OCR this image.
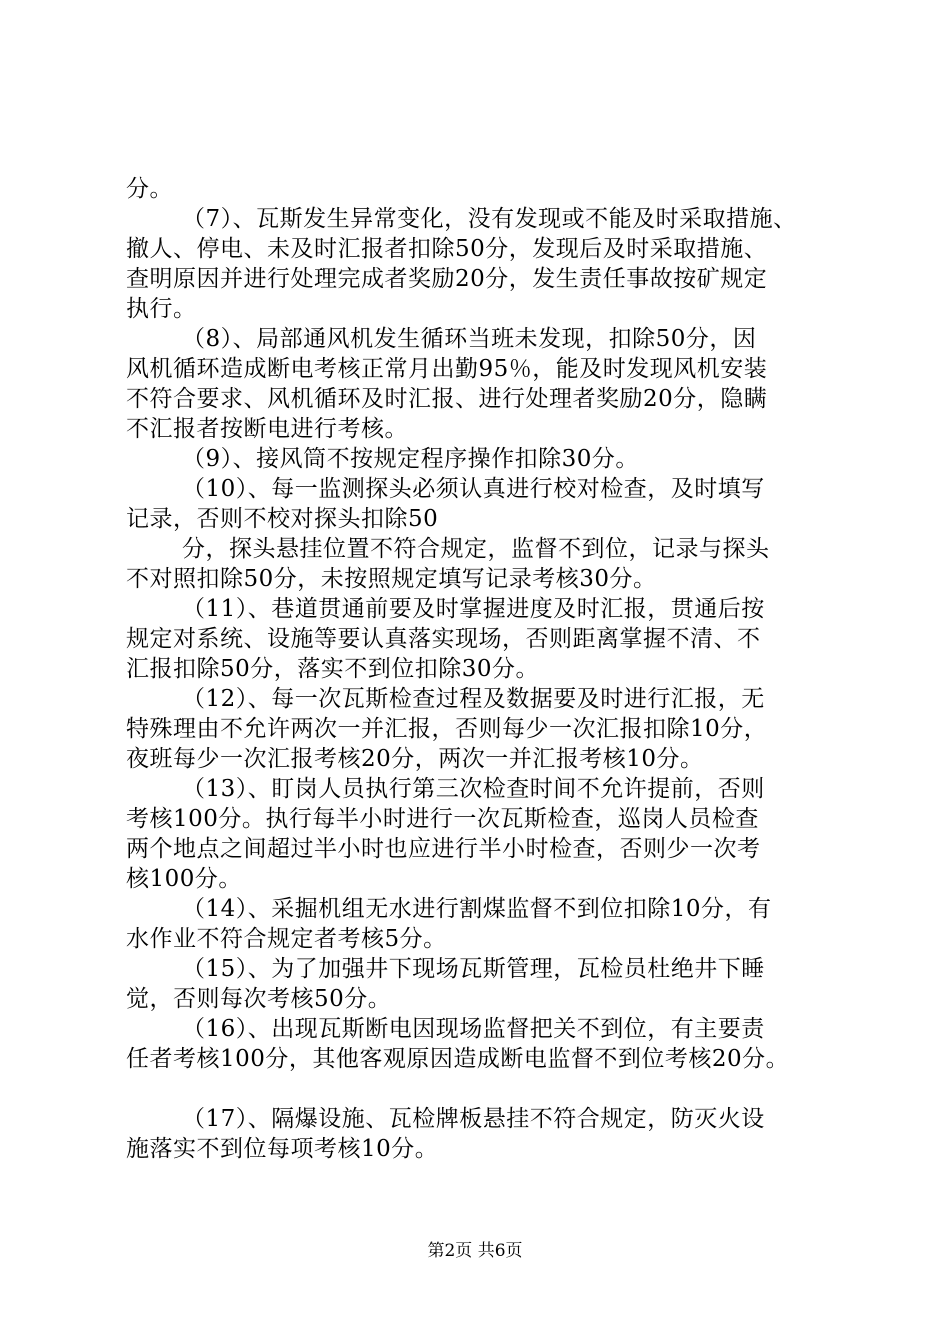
分。
（7）、瓦斯发生异常变化，没有发现或不能及时采取措施、
撤人、停电、未及时汇报者扣除50分，发现后及时采取措施、
查明原因并进行处理完成者奖励20分，发生责任事故按矿规定
执行。
（8）、局部通风机发生循环当班未发现，扣除50分，因
风机循环造成断电考核正常月出勤95％，能及时发现风机安装
不符合要求、风机循环及时汇报、进行处理者奖励20分，隐瞒
不汇报者按断电进行考核。
（9）、接风筒不按规定程序操作扣除30分。
（10）、每一监测探头必须认真进行校对检查，及时填写
记录，否则不校对探头扣除50
分，探头悬挂位置不符合规定，监督不到位，记录与探头
不对照扣除50分，未按照规定填写记录考核30分。
（11）、巷道贯通前要及时掌握进度及时汇报，贯通后按
规定对系统、设施等要认真落实现场，否则距离掌握不清、不
汇报扣除50分，落实不到位扣除30分。
（12）、每一次瓦斯检查过程及数据要及时进行汇报，无
特殊理由不允许两次一并汇报，否则每少一次汇报扣除10分，
夜班每少一次汇报考核20分，两次一并汇报考核10分。
（13）、盯岗人员执行第三次检查时间不允许提前，否则
考核100分。执行每半小时进行一次瓦斯检查，巡岗人员检查
两个地点之间超过半小时也应进行半小时检查，否则少一次考
核100分。
（14）、采掘机组无水进行割煤监督不到位扣除10分，有
水作业不符合规定者考核5分。
（15）、为了加强井下现场瓦斯管理，瓦检员杜绝井下睡
觉，否则每次考核50分。
（16）、出现瓦斯断电因现场监督把关不到位，有主要责
任者考核100分，其他客观原因造成断电监督不到位考核20分。
（17）、隔爆设施、瓦检牌板悬挂不符合规定，防灭火设
施落实不到位每项考核10分。
第2页 共6页
